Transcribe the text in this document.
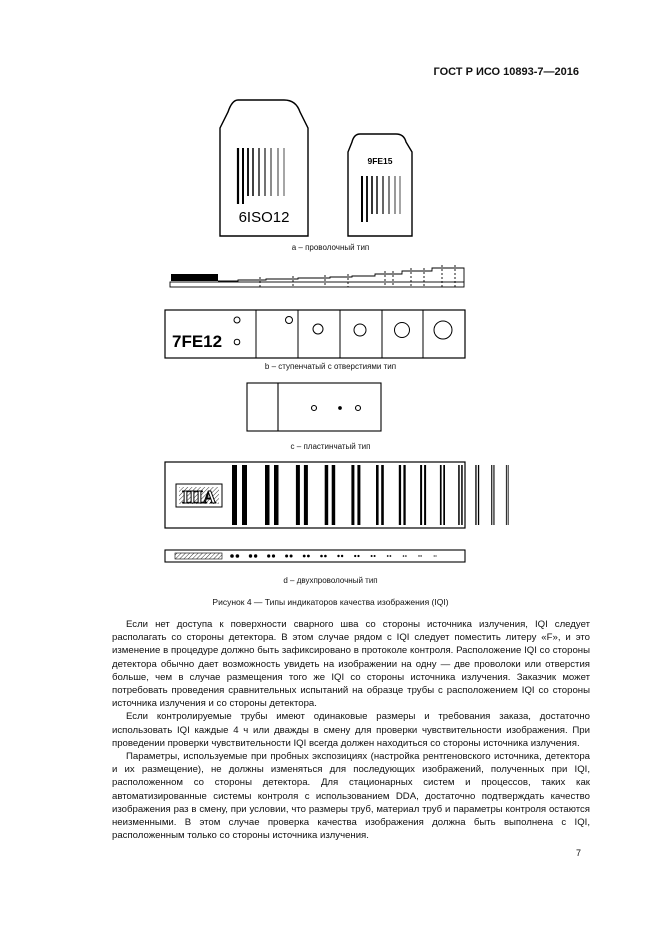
ГОСТ Р ИСО 10893-7—2016
6ISO12
9FE15
7FE12
IIIA
a – проволочный тип
b – ступенчатый с отверстиями тип
c – пластинчатый тип
d – двухпроволочный тип
Рисунок 4 — Типы индикаторов качества изображения (IQI)

Если нет доступа к поверхности сварного шва со стороны источника излучения, IQI следует располагать со стороны детектора. В этом случае рядом с IQI следует поместить литеру «F», и это изменение в процедуре должно быть зафиксировано в протоколе контроля. Расположение IQI со стороны детектора обычно дает возможность увидеть на изображении на одну — две проволоки или отверстия больше, чем в случае размещения того же IQI со стороны источника излучения. Заказчик может потребовать проведения сравнительных испытаний на образце трубы с расположением IQI со стороны источника излучения и со стороны детектора.

Если контролируемые трубы имеют одинаковые размеры и требования заказа, достаточно использовать IQI каждые 4 ч или дважды в смену для проверки чувствительности изображения. При проведении проверки чувствительности IQI всегда должен находиться со стороны источника излучения.

Параметры, используемые при пробных экспозициях (настройка рентгеновского источника, детектора и их размещение), не должны изменяться для последующих изображений, полученных при IQI, расположенном со стороны детектора. Для стационарных систем и процессов, таких как автоматизированные системы контроля с использованием DDA, достаточно подтверждать качество изображения раз в смену, при условии, что размеры труб, материал труб и параметры контроля остаются неизменными. В этом случае проверка качества изображения должна быть выполнена с IQI, расположенным только со стороны источника излучения.

7
